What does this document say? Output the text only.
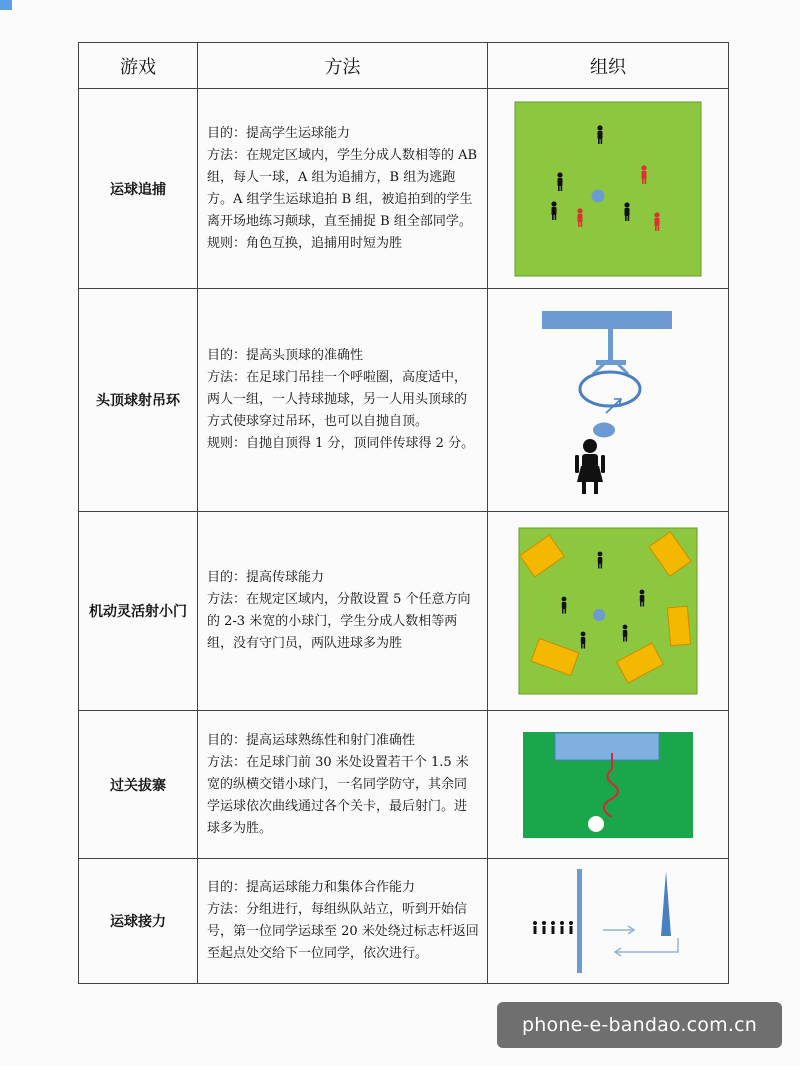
游戏	方法	组织
运球追捕	目的：提高学生运球能力

方法：在规定区域内，学生分成人数相等的 AB 组，每人一球，A 组为追捕方，B 组为逃跑方。A 组学生运球追拍 B 组，被追拍到的学生离开场地练习颠球，直至捕捉 B 组全部同学。

规则：角色互换，追捕用时短为胜

头顶球射吊环	目的：提高头顶球的准确性

方法：在足球门吊挂一个呼啦圈，高度适中，两人一组，一人持球抛球，另一人用头顶球的方式使球穿过吊环，也可以自抛自顶。

规则：自抛自顶得 1 分，顶同伴传球得 2 分。

机动灵活射小门	目的：提高传球能力

方法：在规定区域内，分散设置 5 个任意方向的 2-3 米宽的小球门，学生分成人数相等两组，没有守门员，两队进球多为胜

过关拔寨	目的：提高运球熟练性和射门准确性

方法：在足球门前 30 米处设置若干个 1.5 米宽的纵横交错小球门，一名同学防守，其余同学运球依次曲线通过各个关卡，最后射门。进球多为胜。

运球接力	目的：提高运球能力和集体合作能力

方法：分组进行，每组纵队站立，听到开始信号，第一位同学运球至 20 米处绕过标志杆返回至起点处交给下一位同学，依次进行。

phone-e-bandao.com.cn
